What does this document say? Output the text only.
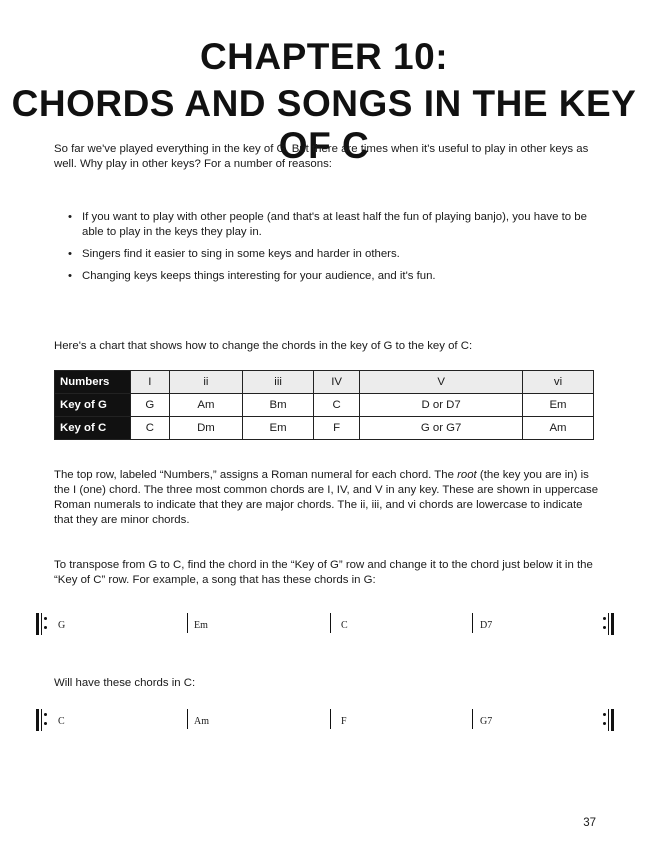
CHAPTER 10:
CHORDS AND SONGS IN THE KEY OF C
So far we've played everything in the key of G. But there are times when it's useful to play in other keys as well. Why play in other keys? For a number of reasons:
• If you want to play with other people (and that's at least half the fun of playing banjo), you have to be able to play in the keys they play in.
• Singers find it easier to sing in some keys and harder in others.
• Changing keys keeps things interesting for your audience, and it's fun.
Here's a chart that shows how to change the chords in the key of G to the key of C:
Numbers	I	ii	iii	IV	V	vi
Key of G	G	Am	Bm	C	D or D7	Em
Key of C	C	Dm	Em	F	G or G7	Am
The top row, labeled “Numbers,” assigns a Roman numeral for each chord. The root (the key you are in) is the I (one) chord. The three most common chords are I, IV, and V in any key. These are shown in uppercase Roman numerals to indicate that they are major chords. The ii, iii, and vi chords are lowercase to indicate that they are minor chords.
To transpose from G to C, find the chord in the “Key of G” row and change it to the chord just below it in the “Key of C” row. For example, a song that has these chords in G:
G	Em	C	D7
Will have these chords in C:
C	Am	F	G7
37
